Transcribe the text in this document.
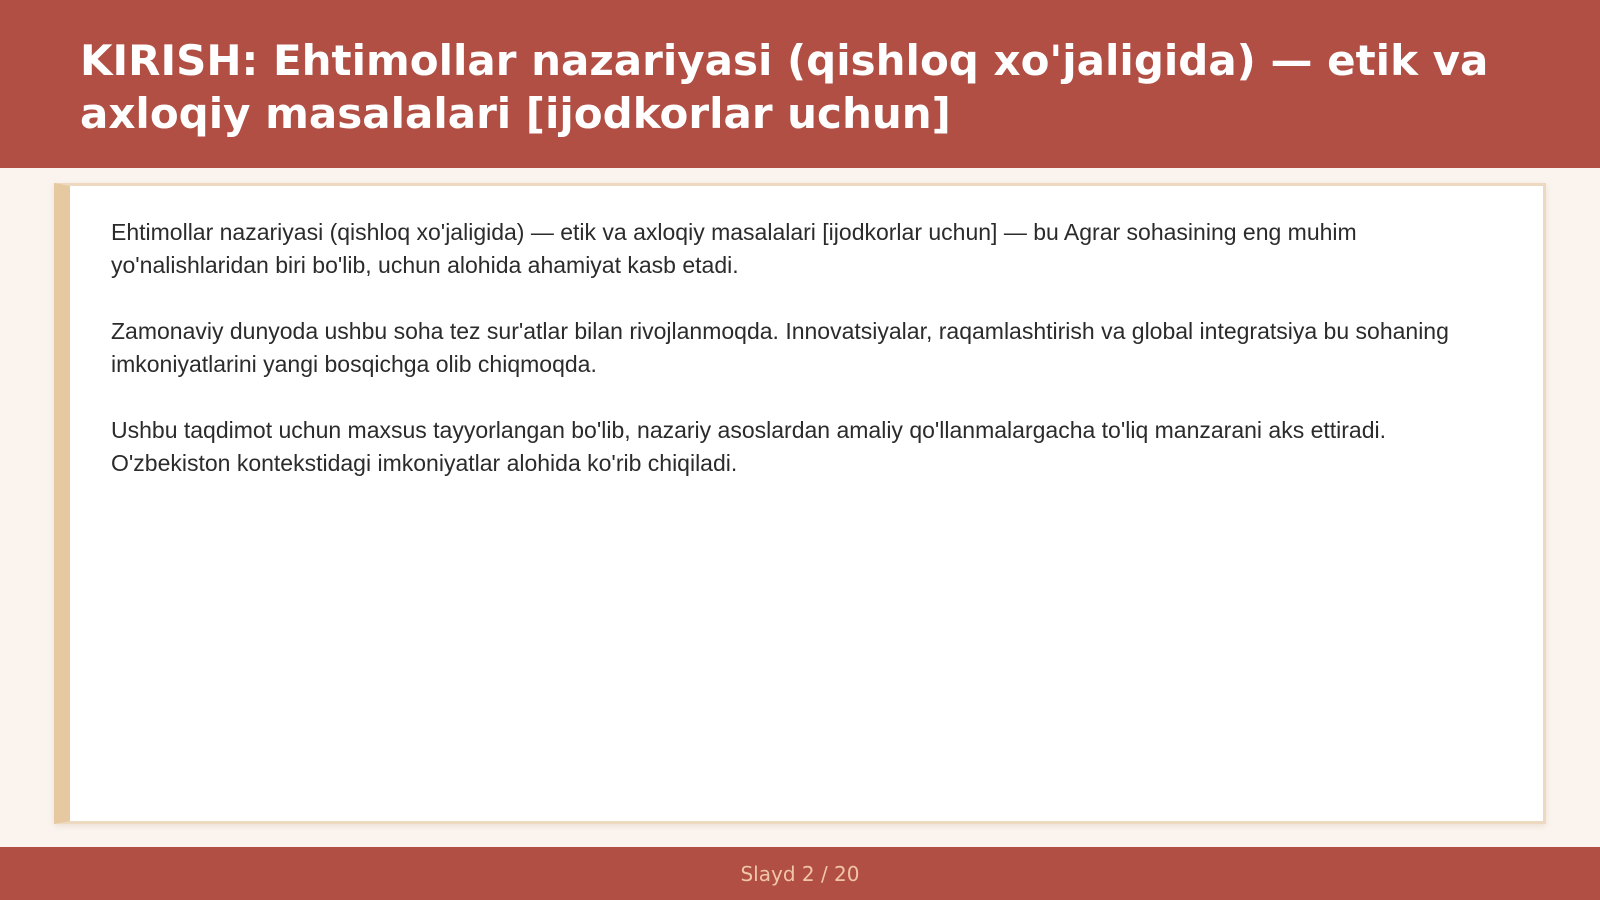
KIRISH: Ehtimollar nazariyasi (qishloq xo'jaligida) — etik va axloqiy masalalari [ijodkorlar uchun]

Ehtimollar nazariyasi (qishloq xo'jaligida) — etik va axloqiy masalalari [ijodkorlar uchun] — bu Agrar sohasining eng muhim yo'nalishlaridan biri bo'lib, uchun alohida ahamiyat kasb etadi.

Zamonaviy dunyoda ushbu soha tez sur'atlar bilan rivojlanmoqda. Innovatsiyalar, raqamlashtirish va global integratsiya bu sohaning imkoniyatlarini yangi bosqichga olib chiqmoqda.

Ushbu taqdimot uchun maxsus tayyorlangan bo'lib, nazariy asoslardan amaliy qo'llanmalargacha to'liq manzarani aks ettiradi. O'zbekiston kontekstidagi imkoniyatlar alohida ko'rib chiqiladi.

Slayd 2 / 20
